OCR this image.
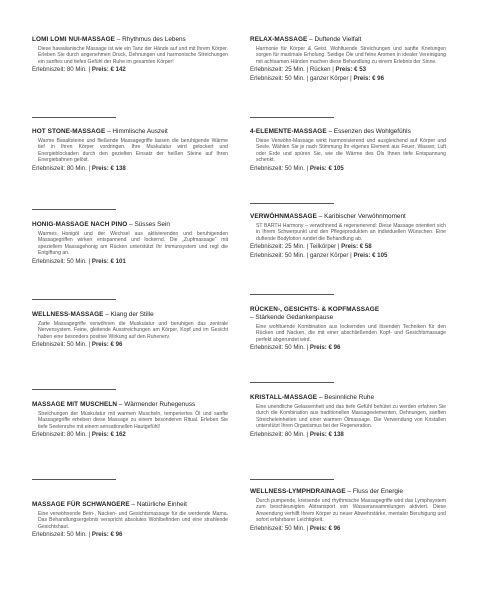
LOMI LOMI NUI-MASSAGE – Rhythmus des Lebens
Diese hawaiianische Massage ist wie ein Tanz der Hände auf und mit Ihrem Körper. Erleben Sie durch angenehmen Druck, Dehnungen und harmonische Streichungen ein sanftes und tiefes Gefühl der Ruhe im gesamten Körper!
Erlebniszeit: 80 Min. | Preis: € 142
HOT STONE-MASSAGE – Himmlische Auszeit
Warme Basaltsteine und fließende Massagegriffe lassen die beruhigende Wärme tief in Ihren Körper vordringen. Ihre Muskulatur wird gelockert und Energieblockaden durch den gezielten Einsatz der heißen Steine auf Ihren Energiebahnen gelöst.
Erlebniszeit: 80 Min. | Preis: € 138
HONIG-MASSAGE NACH PINO – Süsses Sein
Warmes Honigöl und der Wechsel aus aktivierenden und beruhigenden Massagegriffen wirken entspannend und lockernd. Die „Zupfmassage“ mit speziellem Massagehonig am Rücken unterstützt Ihr Immunsystem und regt die Entgiftung an.
Erlebniszeit: 50 Min. | Preis: € 101
WELLNESS-MASSAGE – Klang der Stille
Zarte Massagegriffe verwöhnen die Muskulatur und beruhigen das zentrale Nervensystem. Feine, gleitende Ausstreichungen am Körper, Kopf und im Gesicht haben eine besonders positive Wirkung auf den Ruhenerv.
Erlebniszeit: 50 Min. | Preis: € 96
MASSAGE MIT MUSCHELN – Wärmender Ruhegenuss
Streichungen der Muskulatur mit warmen Muscheln, temperiertes Öl und sanfte Massagegriffe erheben diese Massage zu einem besonderen Ritual. Erleben Sie tiefe Seelenruhe mit einem sensationellen Hautgefühl!
Erlebniszeit: 80 Min. | Preis: € 162
MASSAGE FÜR SCHWANGERE – Natürliche Einheit
Eine verwöhnende Bein-, Nacken- und Gesichtsmassage für die werdende Mama. Das Behandlungsergebnis verspricht absolutes Wohlbefinden und eine strahlende Gesichtshaut.
Erlebniszeit: 50 Min. | Preis: € 96
RELAX-MASSAGE – Duftende Vielfalt
Harmonie für Körper & Geist. Wohltuende Streichungen und sanfte Knetungen sorgen für maximale Erholung. Seidige Öle und feine Aromen in idealer Vereinigung mit achtsamen Händen machen diese Behandlung zu einem Erlebnis der Sinne.
Erlebniszeit: 25 Min. | Rücken | Preis: € 53
Erlebniszeit: 50 Min. | ganzer Körper | Preis: € 96
4-ELEMENTE-MASSAGE – Essenzen des Wohlgefühls
Diese Verwöhn-Massage wirkt harmonisierend und ausgleichend auf Körper und Seele. Wählen Sie je nach Stimmung Ihr eigenes Element aus Feuer, Wasser, Luft oder Erde und spüren Sie, wie die Wärme des Öls Ihnen tiefe Entspannung schenkt.
Erlebniszeit: 50 Min. | Preis: € 105
VERWÖHNMASSAGE – Karibischer Verwöhnmoment
ST BARTH Harmony – verwöhnend & regenerierend: Diese Massage orientiert sich in Ihrem Schwerpunkt und den Pflegeprodukten an individuellen Wünschen. Eine duftende Bodylotion rundet die Behandlung ab.
Erlebniszeit: 25 Min. | Teilkörper | Preis: € 58
Erlebniszeit: 50 Min. | ganzer Körper | Preis: € 105
RÜCKEN-, GESICHTS- & KOPFMASSAGE
– Stärkende Gedankenpause
Eine wohltuende Kombination aus lockernden und lösenden Techniken für den Rücken und Nacken, die mit einer abschließenden Kopf- und Gesichtsmassage perfekt abgerundet wird.
Erlebniszeit: 50 Min. | Preis: € 96
KRISTALL-MASSAGE – Besinnliche Ruhe
Eine unendliche Gelassenheit und das tiefe Gefühl behütet zu werden erfahren Sie durch die Kombination aus traditionellen Massageelementen, Dehnungen, sanften Streicheleinheiten und einer warmen Ölmassage. Die Verwendung von Kristallen unterstützt Ihren Organismus bei der Regeneration.
Erlebniszeit: 80 Min. | Preis: € 138
WELLNESS-LYMPHDRAINAGE – Fluss der Energie
Durch pumpende, kreisende und rhythmische Massagegriffe wird das Lymphsystem zum beschleunigten Abtransport von Wasseransammlungen aktiviert. Diese Anwendung verhilft Ihrem Körper zu neuer Abwehrstärke, mentaler Beruhigung und sofort erfahrbarer Leichtigkeit.
Erlebniszeit: 50 Min. | Preis: € 96
